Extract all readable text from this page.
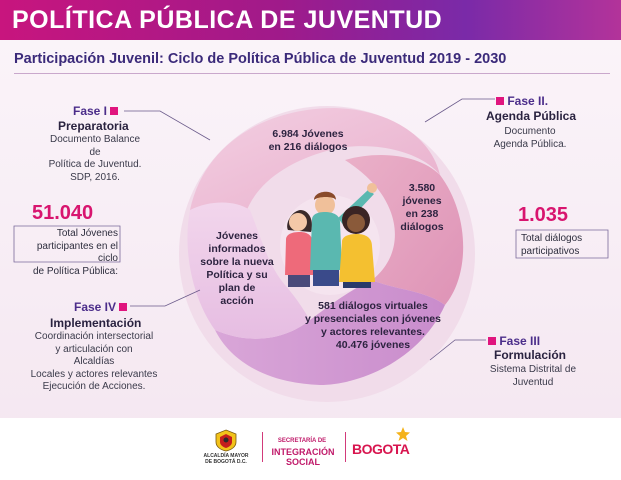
POLÍTICA PÚBLICA DE JUVENTUD
Participación Juvenil: Ciclo de Política Pública de Juventud 2019 - 2030
Fase I
Preparatoria
Documento Balance de
Política de Juventud.
SDP, 2016.
Fase II.
Agenda Pública
Documento
Agenda Pública.
Fase III
Formulación
Sistema Distrital de
Juventud
Fase IV
Implementación
Coordinación intersectorial
y articulación con
Alcaldías
Locales y actores relevantes
Ejecución de Acciones.
6.984 Jóvenes
en 216 diálogos
3.580
jóvenes
en 238
diálogos
581 diálogos virtuales
y presenciales con jóvenes
y actores relevantes.
40.476 jóvenes
Jóvenes
informados
sobre la nueva
Política y su
plan de
acción
51.040
Total Jóvenes
participantes en el ciclo
de Política Pública:
1.035
Total diálogos
participativos
ALCALDÍA MAYOR
DE BOGOTÁ D.C.
SECRETARÍA DE
INTEGRACIÓN SOCIAL
BOGOTA
